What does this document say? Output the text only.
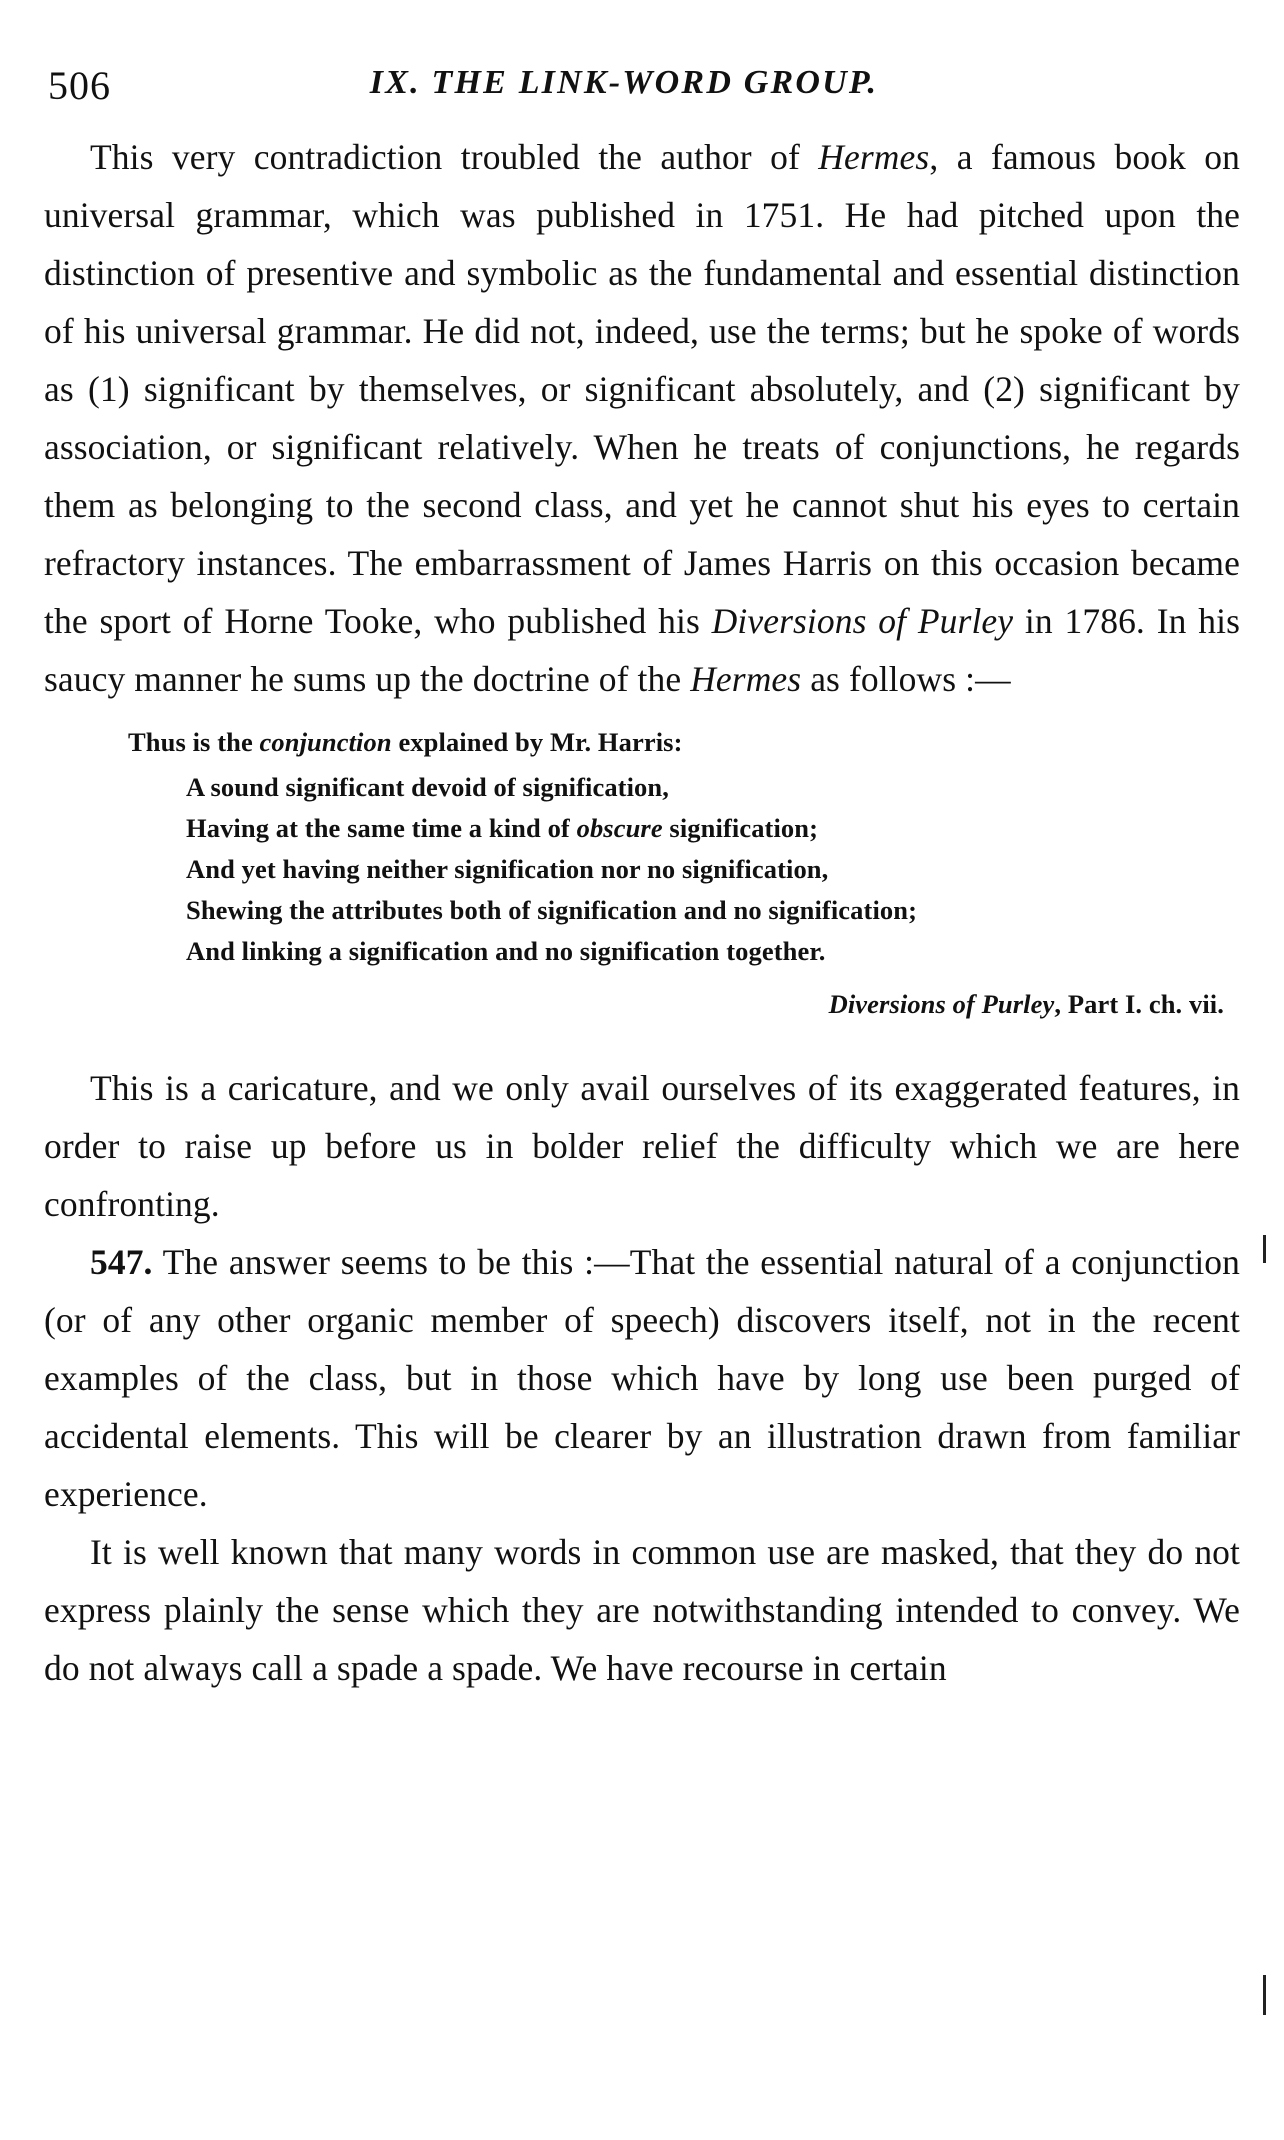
506	IX. THE LINK-WORD GROUP.

This very contradiction troubled the author of Hermes, a famous book on universal grammar, which was published in 1751. He had pitched upon the distinction of presentive and symbolic as the fundamental and essential distinction of his universal grammar. He did not, indeed, use the terms; but he spoke of words as (1) significant by themselves, or significant absolutely, and (2) significant by association, or significant relatively. When he treats of conjunctions, he regards them as belonging to the second class, and yet he cannot shut his eyes to certain refractory instances. The embarrassment of James Harris on this occasion became the sport of Horne Tooke, who published his Diversions of Purley in 1786. In his saucy manner he sums up the doctrine of the Hermes as follows :—

Thus is the conjunction explained by Mr. Harris:
A sound significant devoid of signification,
Having at the same time a kind of obscure signification;
And yet having neither signification nor no signification,
Shewing the attributes both of signification and no signification;
And linking a signification and no signification together.
Diversions of Purley, Part I. ch. vii.

This is a caricature, and we only avail ourselves of its exaggerated features, in order to raise up before us in bolder relief the difficulty which we are here confronting.

547. The answer seems to be this :—That the essential natural of a conjunction (or of any other organic member of speech) discovers itself, not in the recent examples of the class, but in those which have by long use been purged of accidental elements. This will be clearer by an illustration drawn from familiar experience.

It is well known that many words in common use are masked, that they do not express plainly the sense which they are notwithstanding intended to convey. We do not always call a spade a spade. We have recourse in certain
